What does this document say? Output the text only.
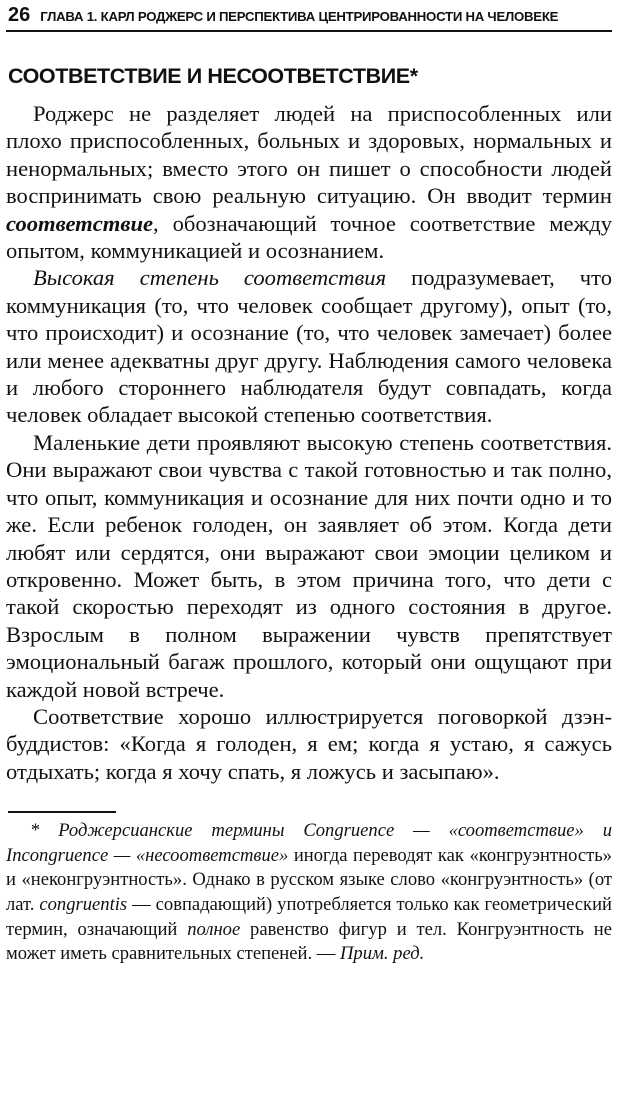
26 ГЛАВА 1. КАРЛ РОДЖЕРС И ПЕРСПЕКТИВА ЦЕНТРИРОВАННОСТИ НА ЧЕЛОВЕКЕ
СООТВЕТСТВИЕ И НЕСООТВЕТСТВИЕ*

Роджерс не разделяет людей на приспособленных или плохо приспособленных, больных и здоровых, нормальных и ненормальных; вместо этого он пишет о способности людей воспринимать свою реальную ситуацию. Он вводит термин соответствие, обозначающий точное соответствие между опытом, коммуникацией и осознанием.

Высокая степень соответствия подразумевает, что коммуникация (то, что человек сообщает другому), опыт (то, что происходит) и осознание (то, что человек замечает) более или менее адекватны друг другу. Наблюдения самого человека и любого стороннего наблюдателя будут совпадать, когда человек обладает высокой степенью соответствия.

Маленькие дети проявляют высокую степень соответствия. Они выражают свои чувства с такой готовностью и так полно, что опыт, коммуникация и осознание для них почти одно и то же. Если ребенок голоден, он заявляет об этом. Когда дети любят или сердятся, они выражают свои эмоции целиком и откровенно. Может быть, в этом причина того, что дети с такой скоростью переходят из одного состояния в другое. Взрослым в полном выражении чувств препятствует эмоциональный багаж прошлого, который они ощущают при каждой новой встрече.

Соответствие хорошо иллюстрируется поговоркой дзэн-буддистов: «Когда я голоден, я ем; когда я устаю, я сажусь отдыхать; когда я хочу спать, я ложусь и засыпаю».

* Роджерсианские термины Congruence — «соответствие» и Incongruence — «несоответствие» иногда переводят как «конгруэнтность» и «неконгруэнтность». Однако в русском языке слово «конгруэнтность» (от лат. congruentis — совпадающий) употребляется только как геометрический термин, означающий полное равенство фигур и тел. Конгруэнтность не может иметь сравнительных степеней. — Прим. ред.
